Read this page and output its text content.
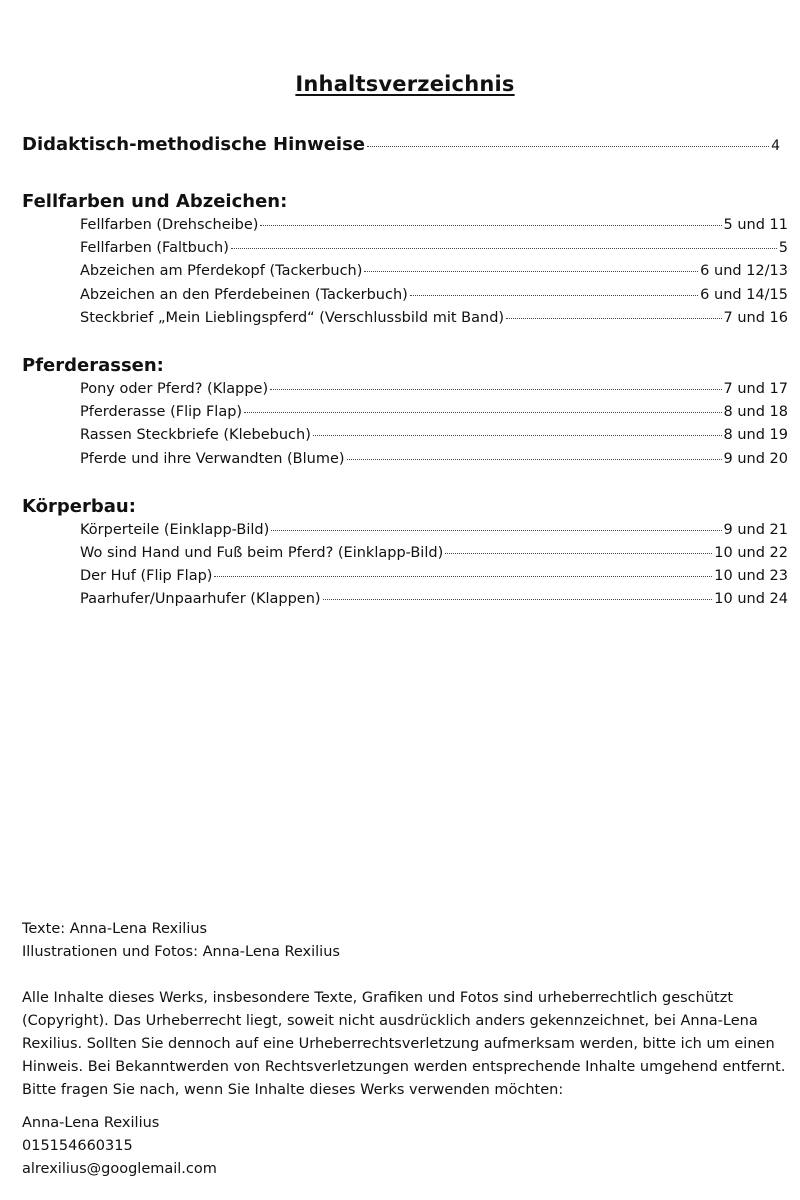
Inhaltsverzeichnis
Didaktisch-methodische Hinweise	4
Fellfarben und Abzeichen:
Fellfarben (Drehscheibe)	5 und 11
Fellfarben (Faltbuch)	5
Abzeichen am Pferdekopf (Tackerbuch)	6 und 12/13
Abzeichen an den Pferdebeinen (Tackerbuch)	6 und 14/15
Steckbrief „Mein Lieblingspferd“ (Verschlussbild mit Band)	7 und 16
Pferderassen:
Pony oder Pferd? (Klappe)	7 und 17
Pferderasse (Flip Flap)	8 und 18
Rassen Steckbriefe (Klebebuch)	8 und 19
Pferde und ihre Verwandten (Blume)	9 und 20
Körperbau:
Körperteile (Einklapp-Bild)	9 und 21
Wo sind Hand und Fuß beim Pferd? (Einklapp-Bild)	10 und 22
Der Huf (Flip Flap)	10 und 23
Paarhufer/Unpaarhufer (Klappen)	10 und 24

Texte: Anna-Lena Rexilius

Illustrationen und Fotos: Anna-Lena Rexilius

Alle Inhalte dieses Werks, insbesondere Texte, Grafiken und Fotos sind urheberrechtlich geschützt (Copyright). Das Urheberrecht liegt, soweit nicht ausdrücklich anders gekennzeichnet, bei Anna-Lena Rexilius. Sollten Sie dennoch auf eine Urheberrechtsverletzung aufmerksam werden, bitte ich um einen Hinweis. Bei Bekanntwerden von Rechtsverletzungen werden entsprechende Inhalte umgehend entfernt.

Bitte fragen Sie nach, wenn Sie Inhalte dieses Werks verwenden möchten:

Anna-Lena Rexilius

015154660315

alrexilius@googlemail.com
